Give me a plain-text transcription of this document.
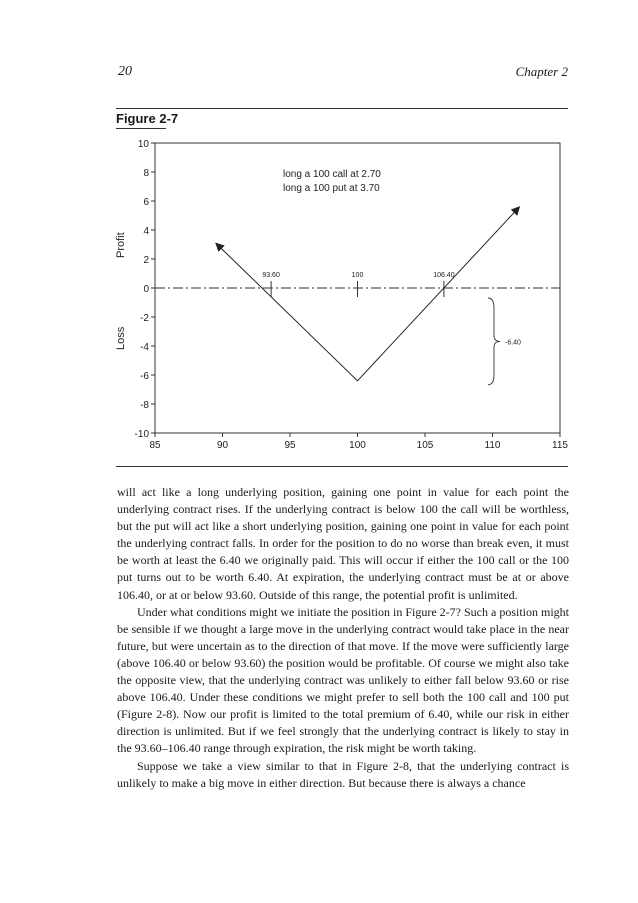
20	Chapter 2
Figure 2-7
10
8
6
4
2
0
-2
-4
-6
-8
-10
85	90	95	100	105	110	115
93.60	100	106.40
-6.40
long a 100 call at 2.70
long a 100 put at 3.70
Profit
Loss

will act like a long underlying position, gaining one point in value for each point the underlying contract rises. If the underlying contract is below 100 the call will be worthless, but the put will act like a short underlying position, gaining one point in value for each point the underlying contract falls. In order for the position to do no worse than break even, it must be worth at least the 6.40 we originally paid. This will occur if either the 100 call or the 100 put turns out to be worth 6.40. At expiration, the underlying contract must be at or above 106.40, or at or below 93.60. Outside of this range, the potential profit is unlimited.

Under what conditions might we initiate the position in Figure 2-7? Such a position might be sensible if we thought a large move in the underlying contract would take place in the near future, but were uncertain as to the direction of that move. If the move were sufficiently large (above 106.40 or below 93.60) the position would be profitable. Of course we might also take the opposite view, that the underlying contract was unlikely to either fall below 93.60 or rise above 106.40. Under these conditions we might prefer to sell both the 100 call and 100 put (Figure 2-8). Now our profit is limited to the total premium of 6.40, while our risk in either direction is unlimited. But if we feel strongly that the underlying contract is likely to stay in the 93.60–106.40 range through expiration, the risk might be worth taking.

Suppose we take a view similar to that in Figure 2-8, that the underlying contract is unlikely to make a big move in either direction. But because there is always a chance
